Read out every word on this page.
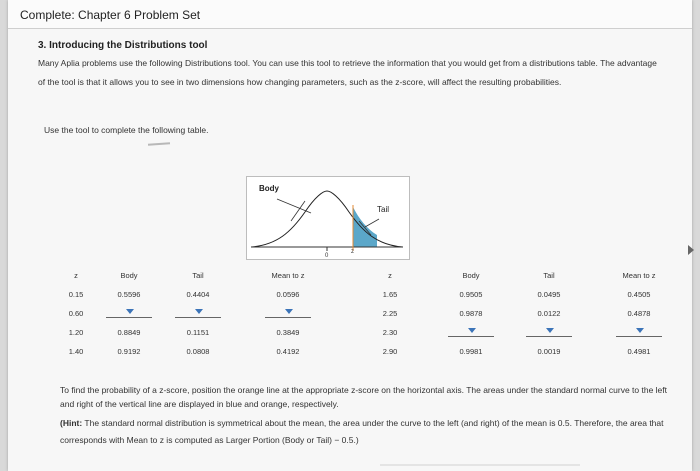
Complete: Chapter 6 Problem Set
3. Introducing the Distributions tool
Many Aplia problems use the following Distributions tool. You can use this tool to retrieve the information that you would get from a distributions table. The advantage of the tool is that it allows you to see in two dimensions how changing parameters, such as the z-score, will affect the resulting probabilities.
Use the tool to complete the following table.
0
z
Body
Tail
z	Body	Tail	Mean to z	z	Body	Tail	Mean to z
0.15	0.5596	0.4404	0.0596	1.65	0.9505	0.0495	0.4505
0.60				2.25	0.9878	0.0122	0.4878
1.20	0.8849	0.1151	0.3849	2.30	

1.40	0.9192	0.0808	0.4192	2.90	0.9981	0.0019	0.4981
To find the probability of a z-score, position the orange line at the appropriate z-score on the horizontal axis. The areas under the standard normal curve to the left and right of the vertical line are displayed in blue and orange, respectively.
(Hint: The standard normal distribution is symmetrical about the mean, the area under the curve to the left (and right) of the mean is 0.5. Therefore, the area that corresponds with Mean to z is computed as Larger Portion (Body or Tail) − 0.5.)
